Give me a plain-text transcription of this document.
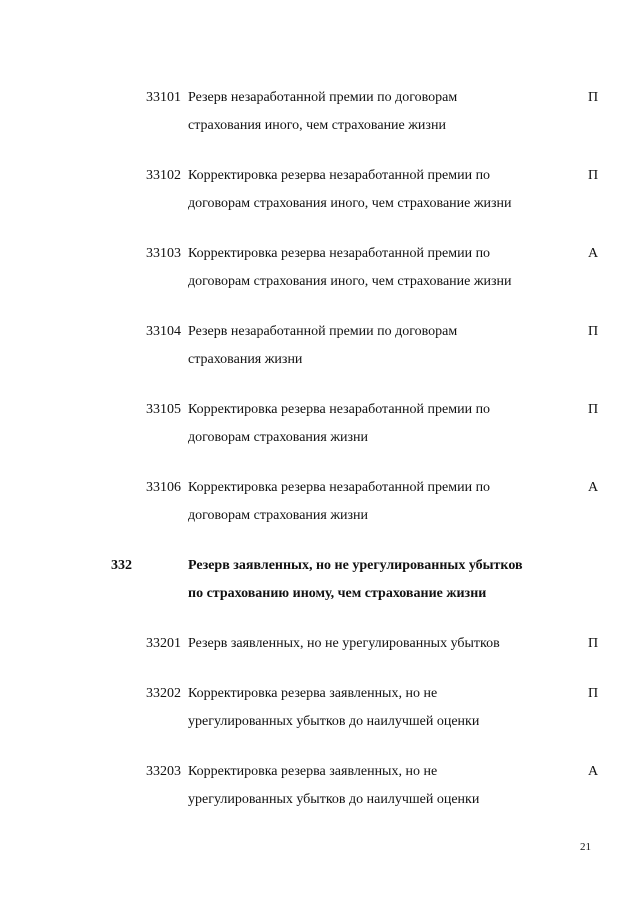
33101 Резерв незаработанной премии по договорам
страхования иного, чем страхование жизни
П
33102 Корректировка резерва незаработанной премии по
договорам страхования иного, чем страхование жизни
П
33103 Корректировка резерва незаработанной премии по
договорам страхования иного, чем страхование жизни
А
33104 Резерв незаработанной премии по договорам
страхования жизни
П
33105 Корректировка резерва незаработанной премии по
договорам страхования жизни
П
33106 Корректировка резерва незаработанной премии по
договорам страхования жизни
А
332	Резерв заявленных, но не урегулированных убытков
по страхованию иному, чем страхование жизни
33201 Резерв заявленных, но не урегулированных убытков	П
33202 Корректировка резерва заявленных, но не
урегулированных убытков до наилучшей оценки
П
33203 Корректировка резерва заявленных, но не
урегулированных убытков до наилучшей оценки
А
21
